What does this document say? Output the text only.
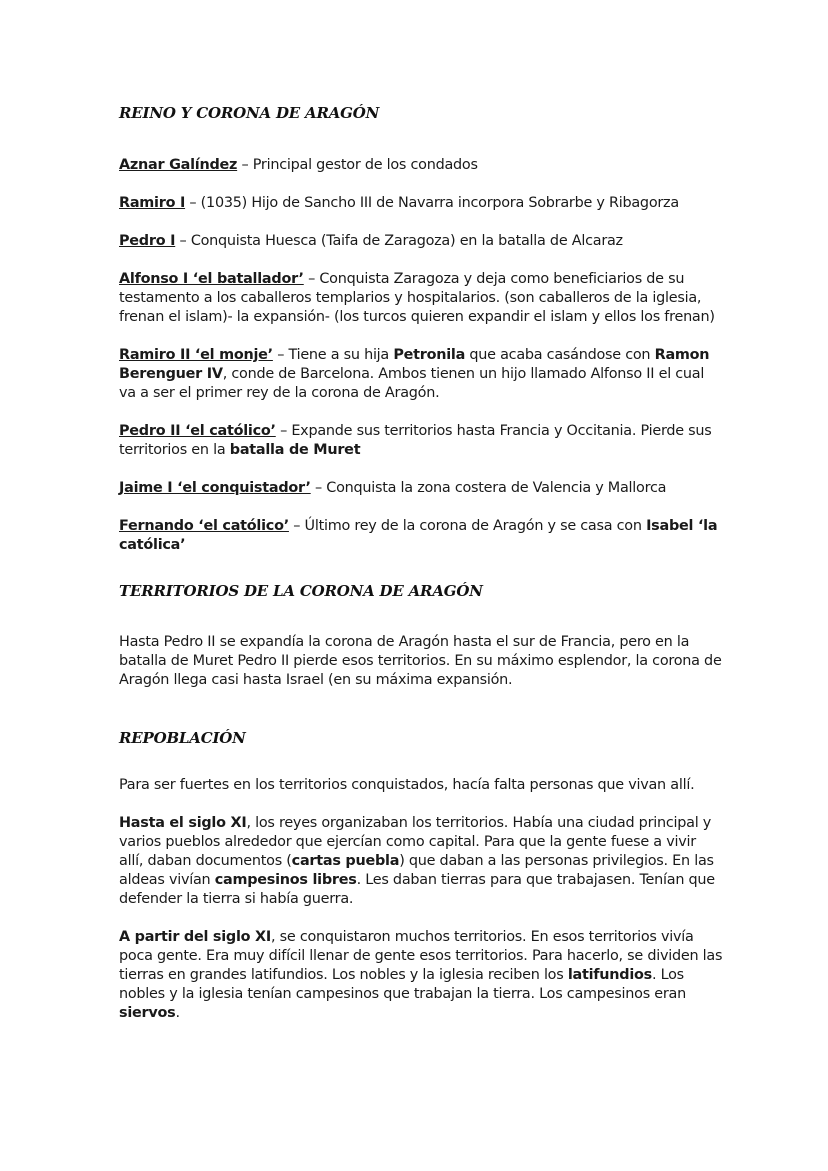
REINO Y CORONA DE ARAGÓN

Aznar Galíndez – Principal gestor de los condados

Ramiro I – (1035) Hijo de Sancho III de Navarra incorpora Sobrarbe y Ribagorza

Pedro I – Conquista Huesca (Taifa de Zaragoza) en la batalla de Alcaraz

Alfonso I ‘el batallador’ – Conquista Zaragoza y deja como beneficiarios de su testamento a los caballeros templarios y hospitalarios. (son caballeros de la iglesia, frenan el islam)- la expansión- (los turcos quieren expandir el islam y ellos los frenan)

Ramiro II ‘el monje’ – Tiene a su hija Petronila que acaba casándose con Ramon Berenguer IV, conde de Barcelona. Ambos tienen un hijo llamado Alfonso II el cual va a ser el primer rey de la corona de Aragón.

Pedro II ‘el católico’ – Expande sus territorios hasta Francia y Occitania. Pierde sus territorios en la batalla de Muret

Jaime I ‘el conquistador’ – Conquista la zona costera de Valencia y Mallorca

Fernando ‘el católico’ – Último rey de la corona de Aragón y se casa con Isabel ‘la católica’

TERRITORIOS DE LA CORONA DE ARAGÓN

Hasta Pedro II se expandía la corona de Aragón hasta el sur de Francia, pero en la batalla de Muret Pedro II pierde esos territorios. En su máximo esplendor, la corona de Aragón llega casi hasta Israel (en su máxima expansión.

REPOBLACIÓN

Para ser fuertes en los territorios conquistados, hacía falta personas que vivan allí.

Hasta el siglo XI, los reyes organizaban los territorios. Había una ciudad principal y varios pueblos alrededor que ejercían como capital. Para que la gente fuese a vivir allí, daban documentos (cartas puebla) que daban a las personas privilegios. En las aldeas vivían campesinos libres. Les daban tierras para que trabajasen. Tenían que defender la tierra si había guerra.

A partir del siglo XI, se conquistaron muchos territorios. En esos territorios vivía poca gente. Era muy difícil llenar de gente esos territorios. Para hacerlo, se dividen las tierras en grandes latifundios. Los nobles y la iglesia reciben los latifundios. Los nobles y la iglesia tenían campesinos que trabajan la tierra. Los campesinos eran siervos.
